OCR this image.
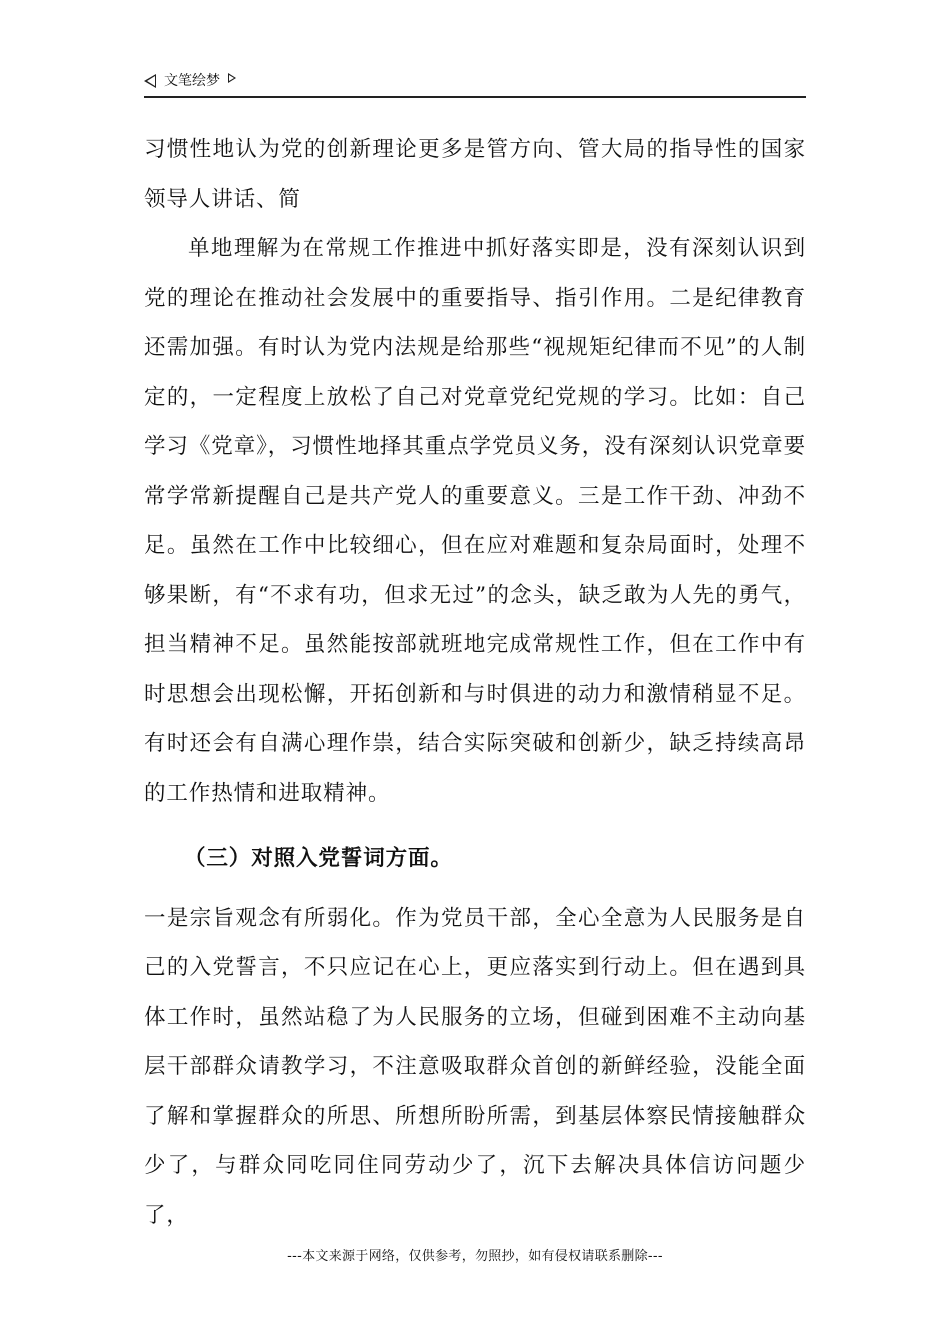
文笔绘梦

习惯性地认为党的创新理论更多是管方向、管大局的指导性的国家领导人讲话、简

单地理解为在常规工作推进中抓好落实即是，没有深刻认识到党的理论在推动社会发展中的重要指导、指引作用。二是纪律教育还需加强。有时认为党内法规是给那些“视规矩纪律而不见”的人制定的，一定程度上放松了自己对党章党纪党规的学习。比如：自己学习《党章》，习惯性地择其重点学党员义务，没有深刻认识党章要常学常新提醒自己是共产党人的重要意义。三是工作干劲、冲劲不足。虽然在工作中比较细心，但在应对难题和复杂局面时，处理不够果断，有“不求有功，但求无过”的念头，缺乏敢为人先的勇气，担当精神不足。虽然能按部就班地完成常规性工作，但在工作中有时思想会出现松懈，开拓创新和与时俱进的动力和激情稍显不足。有时还会有自满心理作祟，结合实际突破和创新少，缺乏持续高昂的工作热情和进取精神。

（三）对照入党誓词方面。

一是宗旨观念有所弱化。作为党员干部，全心全意为人民服务是自己的入党誓言，不只应记在心上，更应落实到行动上。但在遇到具体工作时，虽然站稳了为人民服务的立场，但碰到困难不主动向基层干部群众请教学习，不注意吸取群众首创的新鲜经验，没能全面了解和掌握群众的所思、所想所盼所需，到基层体察民情接触群众少了，与群众同吃同住同劳动少了，沉下去解决具体信访问题少了，

---本文来源于网络，仅供参考，勿照抄，如有侵权请联系删除---
